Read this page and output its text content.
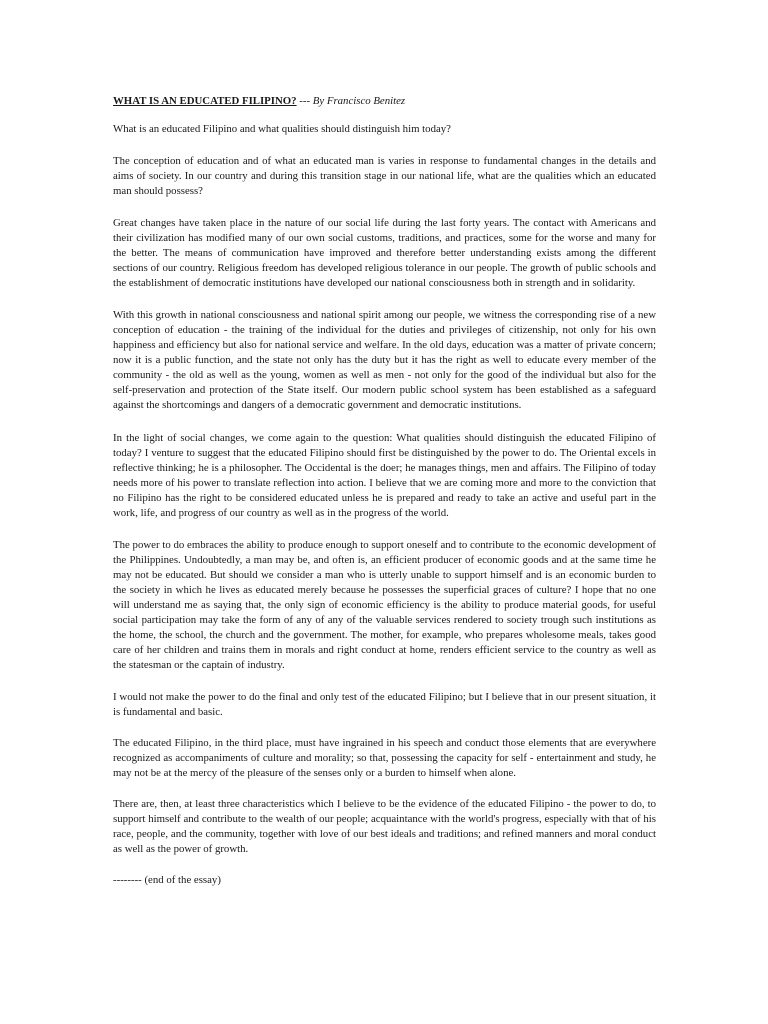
WHAT IS AN EDUCATED FILIPINO? --- By Francisco Benitez

What is an educated Filipino and what qualities should distinguish him today?

The conception of education and of what an educated man is varies in response to fundamental changes in the details and aims of society. In our country and during this transition stage in our national life, what are the qualities which an educated man should possess?

Great changes have taken place in the nature of our social life during the last forty years. The contact with Americans and their civilization has modified many of our own social customs, traditions, and practices, some for the worse and many for the better. The means of communication have improved and therefore better understanding exists among the different sections of our country. Religious freedom has developed religious tolerance in our people. The growth of public schools and the establishment of democratic institutions have developed our national consciousness both in strength and in solidarity.

With this growth in national consciousness and national spirit among our people, we witness the corresponding rise of a new conception of education - the training of the individual for the duties and privileges of citizenship, not only for his own happiness and efficiency but also for national service and welfare. In the old days, education was a matter of private concern; now it is a public function, and the state not only has the duty but it has the right as well to educate every member of the community - the old as well as the young, women as well as men - not only for the good of the individual but also for the self-preservation and protection of the State itself. Our modern public school system has been established as a safeguard against the shortcomings and dangers of a democratic government and democratic institutions.

In the light of social changes, we come again to the question: What qualities should distinguish the educated Filipino of today? I venture to suggest that the educated Filipino should first be distinguished by the power to do. The Oriental excels in reflective thinking; he is a philosopher. The Occidental is the doer; he manages things, men and affairs. The Filipino of today needs more of his power to translate reflection into action. I believe that we are coming more and more to the conviction that no Filipino has the right to be considered educated unless he is prepared and ready to take an active and useful part in the work, life, and progress of our country as well as in the progress of the world.

The power to do embraces the ability to produce enough to support oneself and to contribute to the economic development of the Philippines. Undoubtedly, a man may be, and often is, an efficient producer of economic goods and at the same time he may not be educated. But should we consider a man who is utterly unable to support himself and is an economic burden to the society in which he lives as educated merely because he possesses the superficial graces of culture? I hope that no one will understand me as saying that, the only sign of economic efficiency is the ability to produce material goods, for useful social participation may take the form of any of any of the valuable services rendered to society trough such institutions as the home, the school, the church and the government. The mother, for example, who prepares wholesome meals, takes good care of her children and trains them in morals and right conduct at home, renders efficient service to the country as well as the statesman or the captain of industry.

I would not make the power to do the final and only test of the educated Filipino; but I believe that in our present situation, it is fundamental and basic.

The educated Filipino, in the third place, must have ingrained in his speech and conduct those elements that are everywhere recognized as accompaniments of culture and morality; so that, possessing the capacity for self - entertainment and study, he may not be at the mercy of the pleasure of the senses only or a burden to himself when alone.

There are, then, at least three characteristics which I believe to be the evidence of the educated Filipino - the power to do, to support himself and contribute to the wealth of our people; acquaintance with the world's progress, especially with that of his race, people, and the community, together with love of our best ideals and traditions; and refined manners and moral conduct as well as the power of growth.

-------- (end of the essay)
